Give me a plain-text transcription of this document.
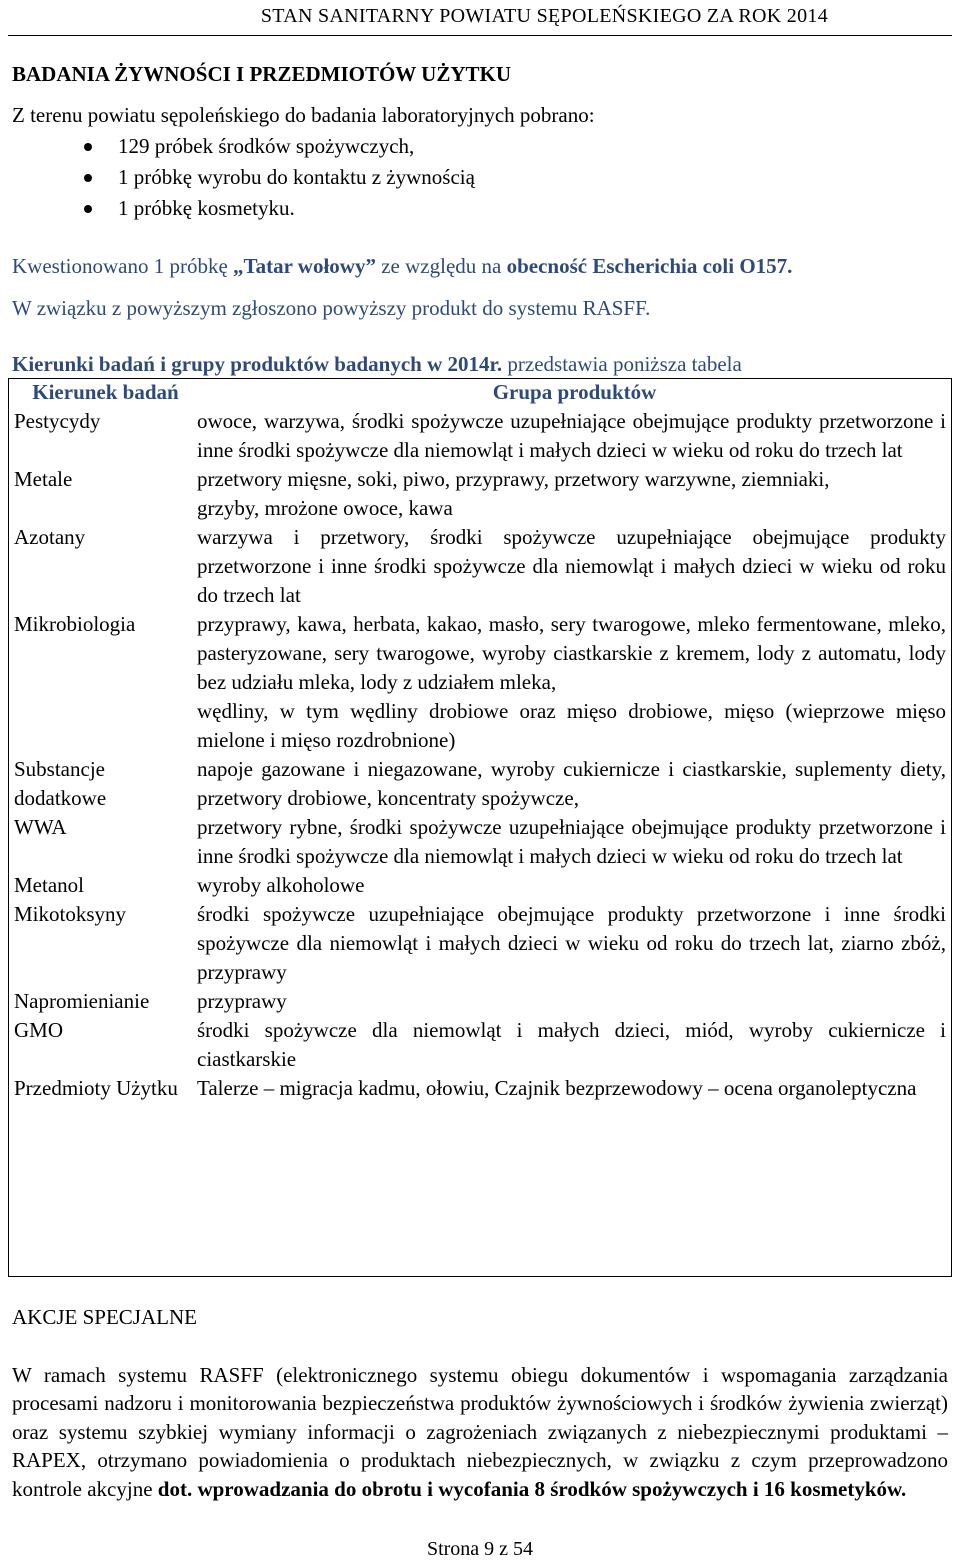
STAN SANITARNY POWIATU SĘPOLEŃSKIEGO ZA ROK 2014
BADANIA ŻYWNOŚCI I PRZEDMIOTÓW UŻYTKU
Z terenu powiatu sępoleńskiego do badania laboratoryjnych pobrano:
129 próbek środków spożywczych,
1 próbkę wyrobu do kontaktu z żywnością
1 próbkę kosmetyku.
Kwestionowano 1 próbkę „Tatar wołowy” ze względu na obecność Escherichia coli O157.
W związku z powyższym zgłoszono powyższy produkt do systemu RASFF.
Kierunki badań i grupy produktów badanych w 2014r. przedstawia poniższa tabela
Kierunek badań	Grupa produktów
Pestycydy	owoce, warzywa, środki spożywcze uzupełniające obejmujące produkty przetworzone i inne środki spożywcze dla niemowląt i małych dzieci w wieku od roku do trzech lat
Metale	przetwory mięsne, soki, piwo, przyprawy, przetwory warzywne, ziemniaki,
	grzyby, mrożone owoce, kawa
Azotany	warzywa i przetwory, środki spożywcze uzupełniające obejmujące produkty przetworzone i inne środki spożywcze dla niemowląt i małych dzieci w wieku od roku do trzech lat
Mikrobiologia	przyprawy, kawa, herbata, kakao, masło, sery twarogowe, mleko fermentowane, mleko, pasteryzowane, sery twarogowe, wyroby ciastkarskie z kremem, lody z automatu, lody bez udziału mleka, lody z udziałem mleka,
	wędliny, w tym wędliny drobiowe oraz mięso drobiowe, mięso (wieprzowe mięso mielone i mięso rozdrobnione)
Substancje dodatkowe	napoje gazowane i niegazowane, wyroby cukiernicze i ciastkarskie, suplementy diety, przetwory drobiowe, koncentraty spożywcze,
WWA	przetwory rybne, środki spożywcze uzupełniające obejmujące produkty przetworzone i inne środki spożywcze dla niemowląt i małych dzieci w wieku od roku do trzech lat
Metanol	wyroby alkoholowe
Mikotoksyny	środki spożywcze uzupełniające obejmujące produkty przetworzone i inne środki spożywcze dla niemowląt i małych dzieci w wieku od roku do trzech lat, ziarno zbóż, przyprawy
Napromienianie	przyprawy
GMO	środki spożywcze dla niemowląt i małych dzieci, miód, wyroby cukiernicze i ciastkarskie
Przedmioty Użytku	Talerze – migracja kadmu, ołowiu, Czajnik bezprzewodowy – ocena organoleptyczna
AKCJE SPECJALNE
W ramach systemu RASFF (elektronicznego systemu obiegu dokumentów i wspomagania zarządzania procesami nadzoru i monitorowania bezpieczeństwa produktów żywnościowych i środków żywienia zwierząt) oraz systemu szybkiej wymiany informacji o zagrożeniach związanych z niebezpiecznymi produktami – RAPEX, otrzymano powiadomienia o produktach niebezpiecznych, w związku z czym przeprowadzono kontrole akcyjne dot. wprowadzania do obrotu i wycofania 8 środków spożywczych i 16 kosmetyków.
Strona 9 z 54
